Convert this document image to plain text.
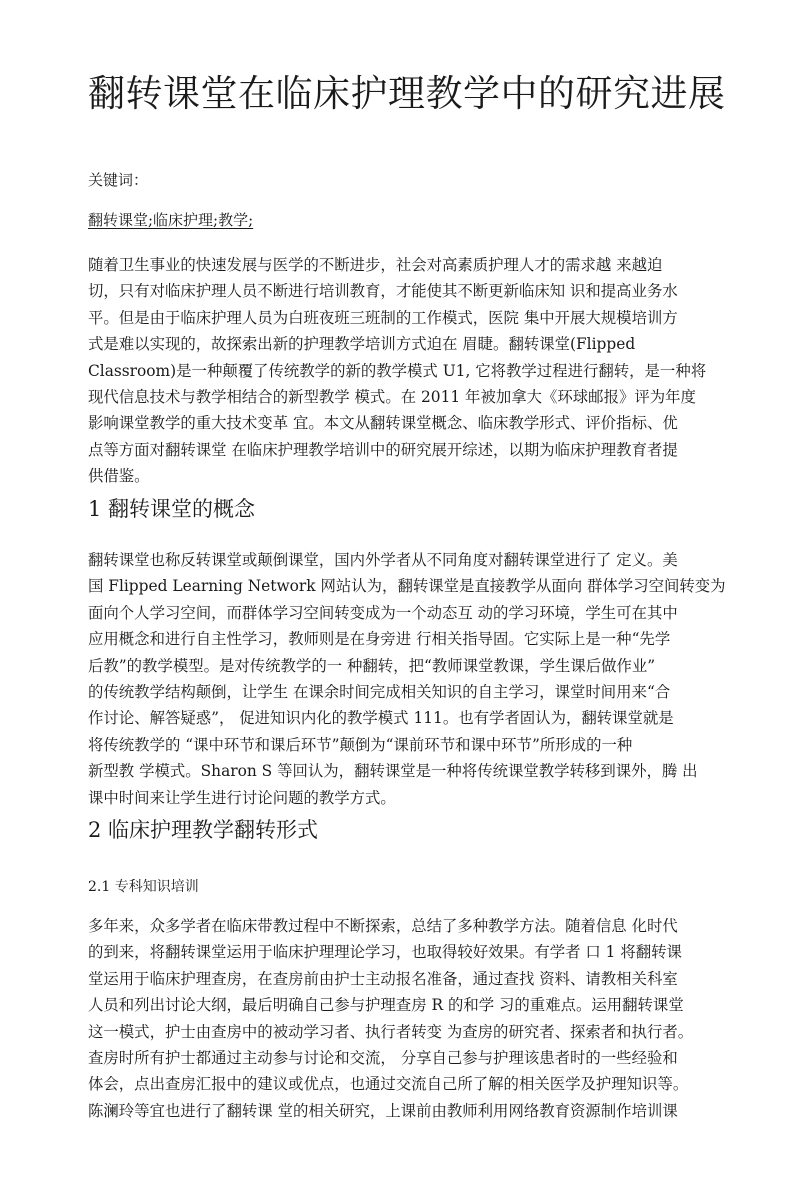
翻转课堂在临床护理教学中的研究进展

关键词：

翻转课堂;临床护理;教学;

随着卫生事业的快速发展与医学的不断进步，社会对高素质护理人才的需求越 来越迫
切，只有对临床护理人员不断进行培训教育，才能使其不断更新临床知 识和提高业务水
平。但是由于临床护理人员为白班夜班三班制的工作模式，医院 集中开展大规模培训方
式是难以实现的，故探索出新的护理教学培训方式迫在 眉睫。翻转课堂(Flipped
Classroom)是一种颠覆了传统教学的新的教学模式 U1, 它将教学过程进行翻转，是一种将
现代信息技术与教学相结合的新型教学 模式。在 2011 年被加拿大《环球邮报》评为年度
影响课堂教学的重大技术变革 宜。本文从翻转课堂概念、临床教学形式、评价指标、优
点等方面对翻转课堂 在临床护理教学培训中的研究展开综述，以期为临床护理教育者提
供借鉴。
1 翻转课堂的概念
翻转课堂也称反转课堂或颠倒课堂，国内外学者从不同角度对翻转课堂进行了 定义。美
国 Flipped Learning Network 网站认为，翻转课堂是直接教学从面向 群体学习空间转变为
面向个人学习空间，而群体学习空间转变成为一个动态互 动的学习环境，学生可在其中
应用概念和进行自主性学习，教师则是在身旁进 行相关指导固。它实际上是一种“先学
后教”的教学模型。是对传统教学的一 种翻转，把“教师课堂教课，学生课后做作业”
的传统教学结构颠倒，让学生 在课余时间完成相关知识的自主学习，课堂时间用来“合
作讨论、解答疑惑”， 促进知识内化的教学模式 111。也有学者固认为，翻转课堂就是
将传统教学的 “课中环节和课后环节”颠倒为“课前环节和课中环节”所形成的一种
新型教 学模式。Sharon S 等回认为，翻转课堂是一种将传统课堂教学转移到课外，腾 出
课中时间来让学生进行讨论问题的教学方式。
2 临床护理教学翻转形式
2.1 专科知识培训
多年来，众多学者在临床带教过程中不断探索，总结了多种教学方法。随着信息 化时代
的到来，将翻转课堂运用于临床护理理论学习，也取得较好效果。有学者 口 1 将翻转课
堂运用于临床护理查房，在查房前由护士主动报名准备，通过查找 资料、请教相关科室
人员和列出讨论大纲，最后明确自己参与护理查房 R 的和学 习的重难点。运用翻转课堂
这一模式，护士由查房中的被动学习者、执行者转变 为查房的研究者、探索者和执行者。
查房时所有护士都通过主动参与讨论和交流， 分享自己参与护理该患者时的一些经验和
体会，点出查房汇报中的建议或优点，也通过交流自己所了解的相关医学及护理知识等。
陈澜玲等宜也进行了翻转课 堂的相关研究，上课前由教师利用网络教育资源制作培训课
